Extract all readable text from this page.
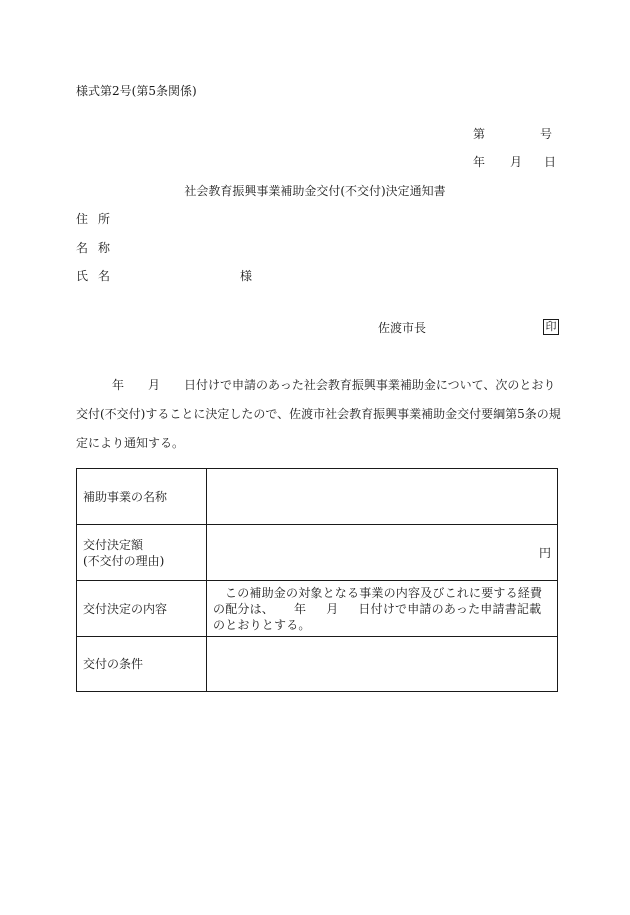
様式第2号(第5条関係)
第	号
年 月 日
社会教育振興事業補助金交付(不交付)決定通知書
住所
名称
氏名	様
佐渡市長	印
年 月 日付けで申請のあった社会教育振興事業補助金について、次のとおり
交付(不交付)することに決定したので、佐渡市社会教育振興事業補助金交付要綱第5条の規
定により通知する。
補助事業の名称	

交付決定額
(不交付の理由)	円
交付決定の内容	この補助金の対象となる事業の内容及びこれに要する経費の配分は、 年 月 日付けで申請のあった申請書記載のとおりとする。
交付の条件	
